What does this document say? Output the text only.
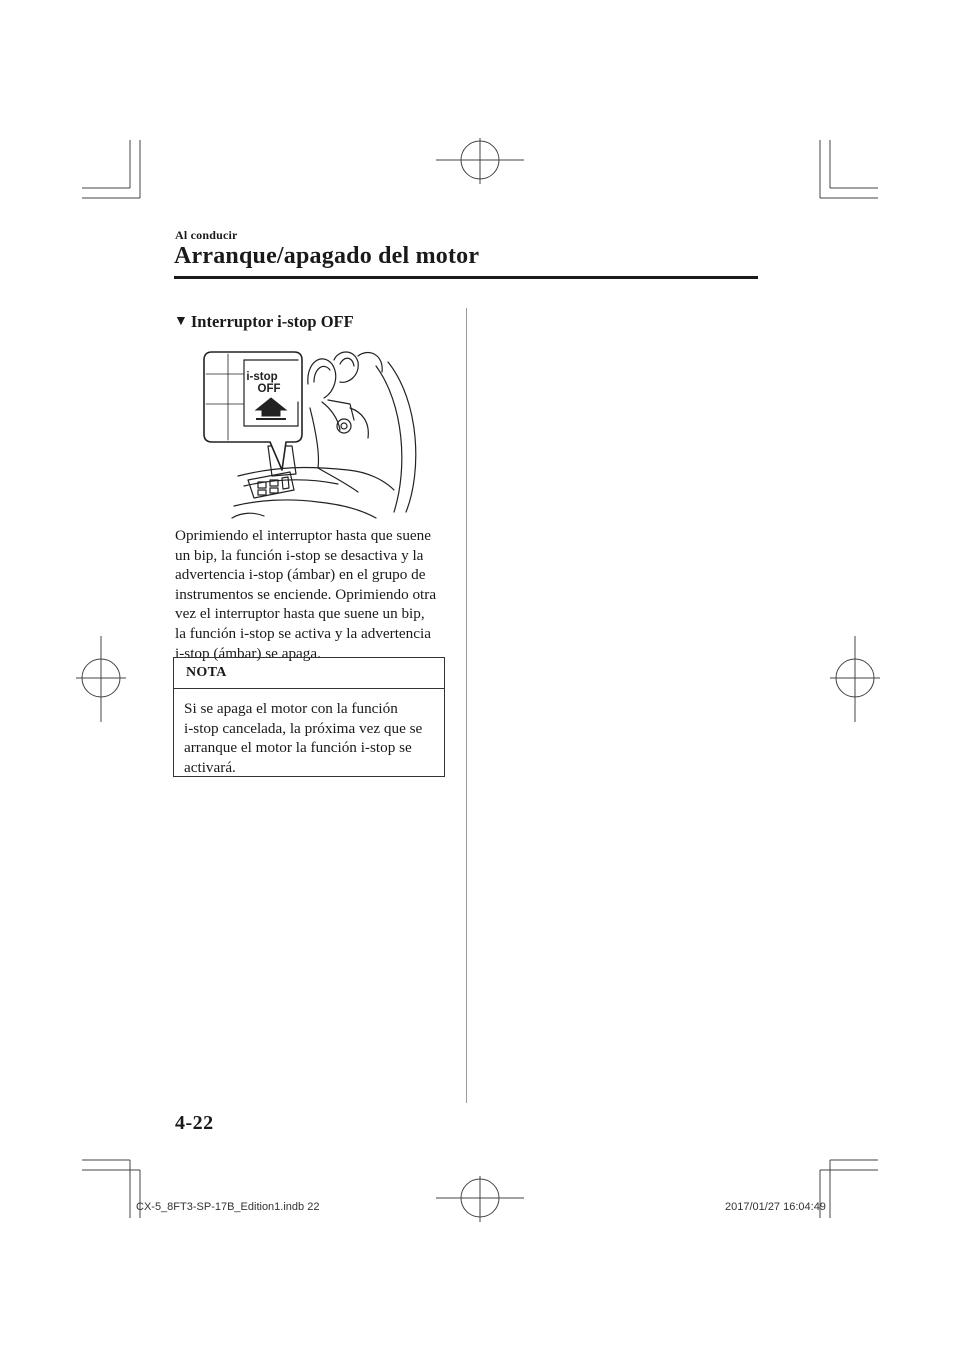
Al conducir
Arranque/apagado del motor
▼ Interruptor i-stop OFF
i-stop
OFF
Oprimiendo el interruptor hasta que suene
un bip, la función i-stop se desactiva y la
advertencia i-stop (ámbar) en el grupo de
instrumentos se enciende. Oprimiendo otra
vez el interruptor hasta que suene un bip,
la función i-stop se activa y la advertencia
i-stop (ámbar) se apaga.
NOTA
Si se apaga el motor con la función
i-stop cancelada, la próxima vez que se
arranque el motor la función i-stop se
activará.
4-22
CX-5_8FT3-SP-17B_Edition1.indb 22	2017/01/27 16:04:49
